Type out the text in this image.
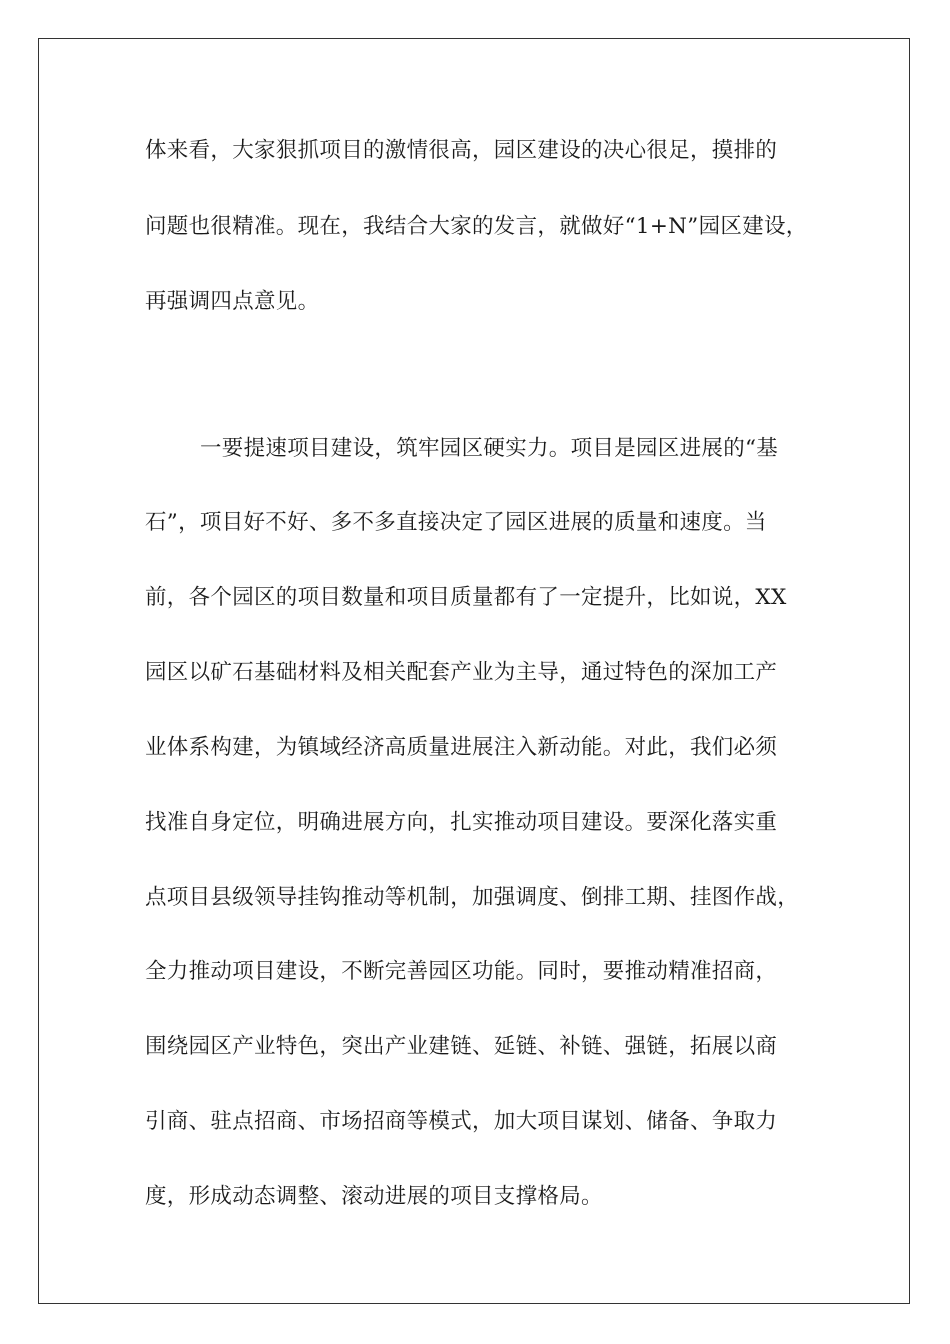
体来看，大家狠抓项目的激情很高，园区建设的决心很足，摸排的
问题也很精准。现在，我结合大家的发言，就做好“1+N”园区建设，
再强调四点意见。
一要提速项目建设，筑牢园区硬实力。项目是园区进展的“基
石”，项目好不好、多不多直接决定了园区进展的质量和速度。当
前，各个园区的项目数量和项目质量都有了一定提升，比如说，XX
园区以矿石基础材料及相关配套产业为主导，通过特色的深加工产
业体系构建，为镇域经济高质量进展注入新动能。对此，我们必须
找准自身定位，明确进展方向，扎实推动项目建设。要深化落实重
点项目县级领导挂钩推动等机制，加强调度、倒排工期、挂图作战，
全力推动项目建设，不断完善园区功能。同时，要推动精准招商，
围绕园区产业特色，突出产业建链、延链、补链、强链，拓展以商
引商、驻点招商、市场招商等模式，加大项目谋划、储备、争取力
度，形成动态调整、滚动进展的项目支撑格局。
